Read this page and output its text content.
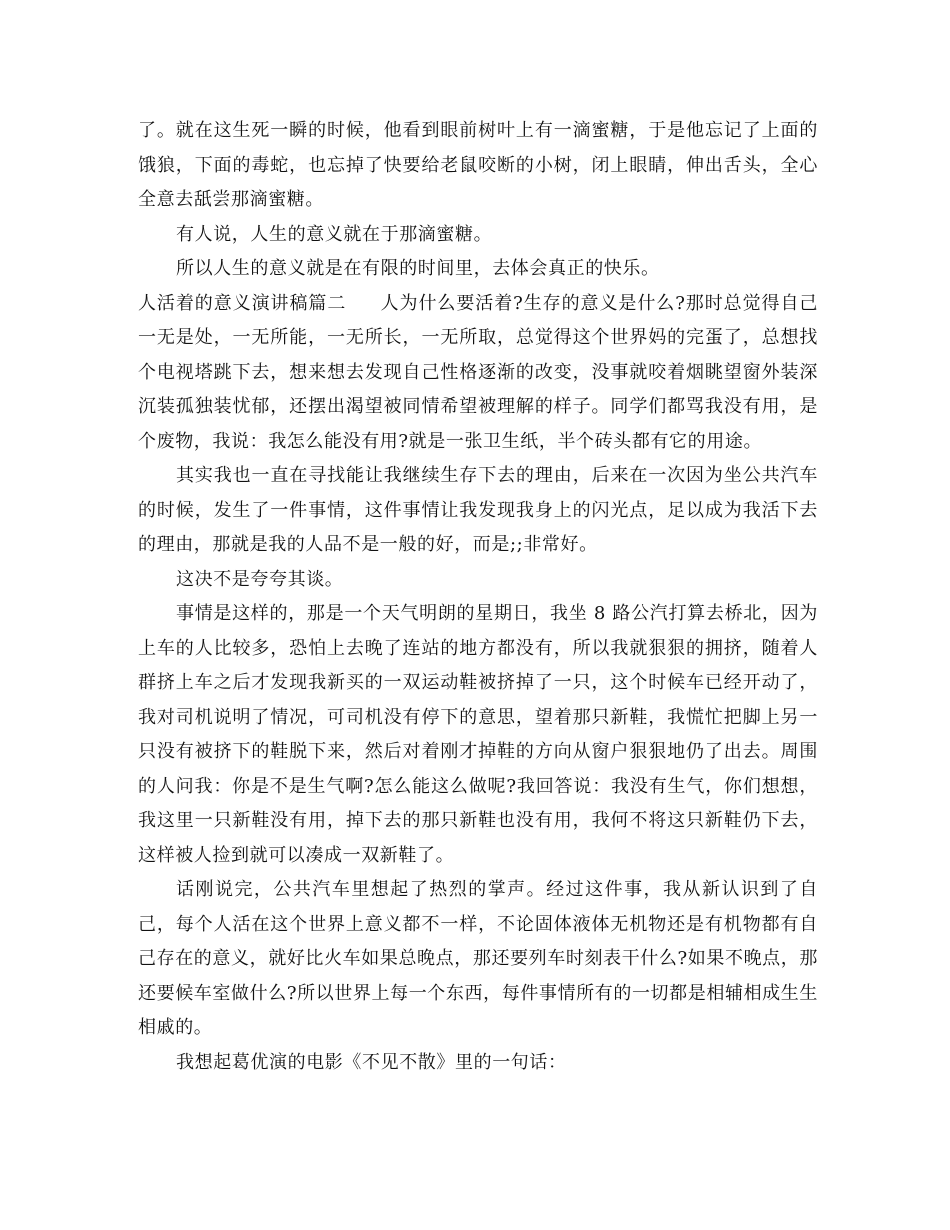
了。就在这生死一瞬的时候，他看到眼前树叶上有一滴蜜糖，于是他忘记了上面的饿狼，下面的毒蛇，也忘掉了快要给老鼠咬断的小树，闭上眼睛，伸出舌头，全心全意去舐尝那滴蜜糖。

有人说，人生的意义就在于那滴蜜糖。

所以人生的意义就是在有限的时间里，去体会真正的快乐。

人活着的意义演讲稿篇二 人为什么要活着?生存的意义是什么?那时总觉得自己一无是处，一无所能，一无所长，一无所取，总觉得这个世界妈的完蛋了，总想找个电视塔跳下去，想来想去发现自己性格逐渐的改变，没事就咬着烟眺望窗外装深沉装孤独装忧郁，还摆出渴望被同情希望被理解的样子。同学们都骂我没有用，是个废物，我说：我怎么能没有用?就是一张卫生纸，半个砖头都有它的用途。

其实我也一直在寻找能让我继续生存下去的理由，后来在一次因为坐公共汽车的时候，发生了一件事情，这件事情让我发现我身上的闪光点，足以成为我活下去的理由，那就是我的人品不是一般的好，而是;;非常好。

这决不是夸夸其谈。

事情是这样的，那是一个天气明朗的星期日，我坐 8 路公汽打算去桥北，因为上车的人比较多，恐怕上去晚了连站的地方都没有，所以我就狠狠的拥挤，随着人群挤上车之后才发现我新买的一双运动鞋被挤掉了一只，这个时候车已经开动了，我对司机说明了情况，可司机没有停下的意思，望着那只新鞋，我慌忙把脚上另一只没有被挤下的鞋脱下来，然后对着刚才掉鞋的方向从窗户狠狠地仍了出去。周围的人问我：你是不是生气啊?怎么能这么做呢?我回答说：我没有生气，你们想想，我这里一只新鞋没有用，掉下去的那只新鞋也没有用，我何不将这只新鞋仍下去，这样被人捡到就可以凑成一双新鞋了。

话刚说完，公共汽车里想起了热烈的掌声。经过这件事，我从新认识到了自己，每个人活在这个世界上意义都不一样，不论固体液体无机物还是有机物都有自己存在的意义，就好比火车如果总晚点，那还要列车时刻表干什么?如果不晚点，那还要候车室做什么?所以世界上每一个东西，每件事情所有的一切都是相辅相成生生相戚的。

我想起葛优演的电影《不见不散》里的一句话：
